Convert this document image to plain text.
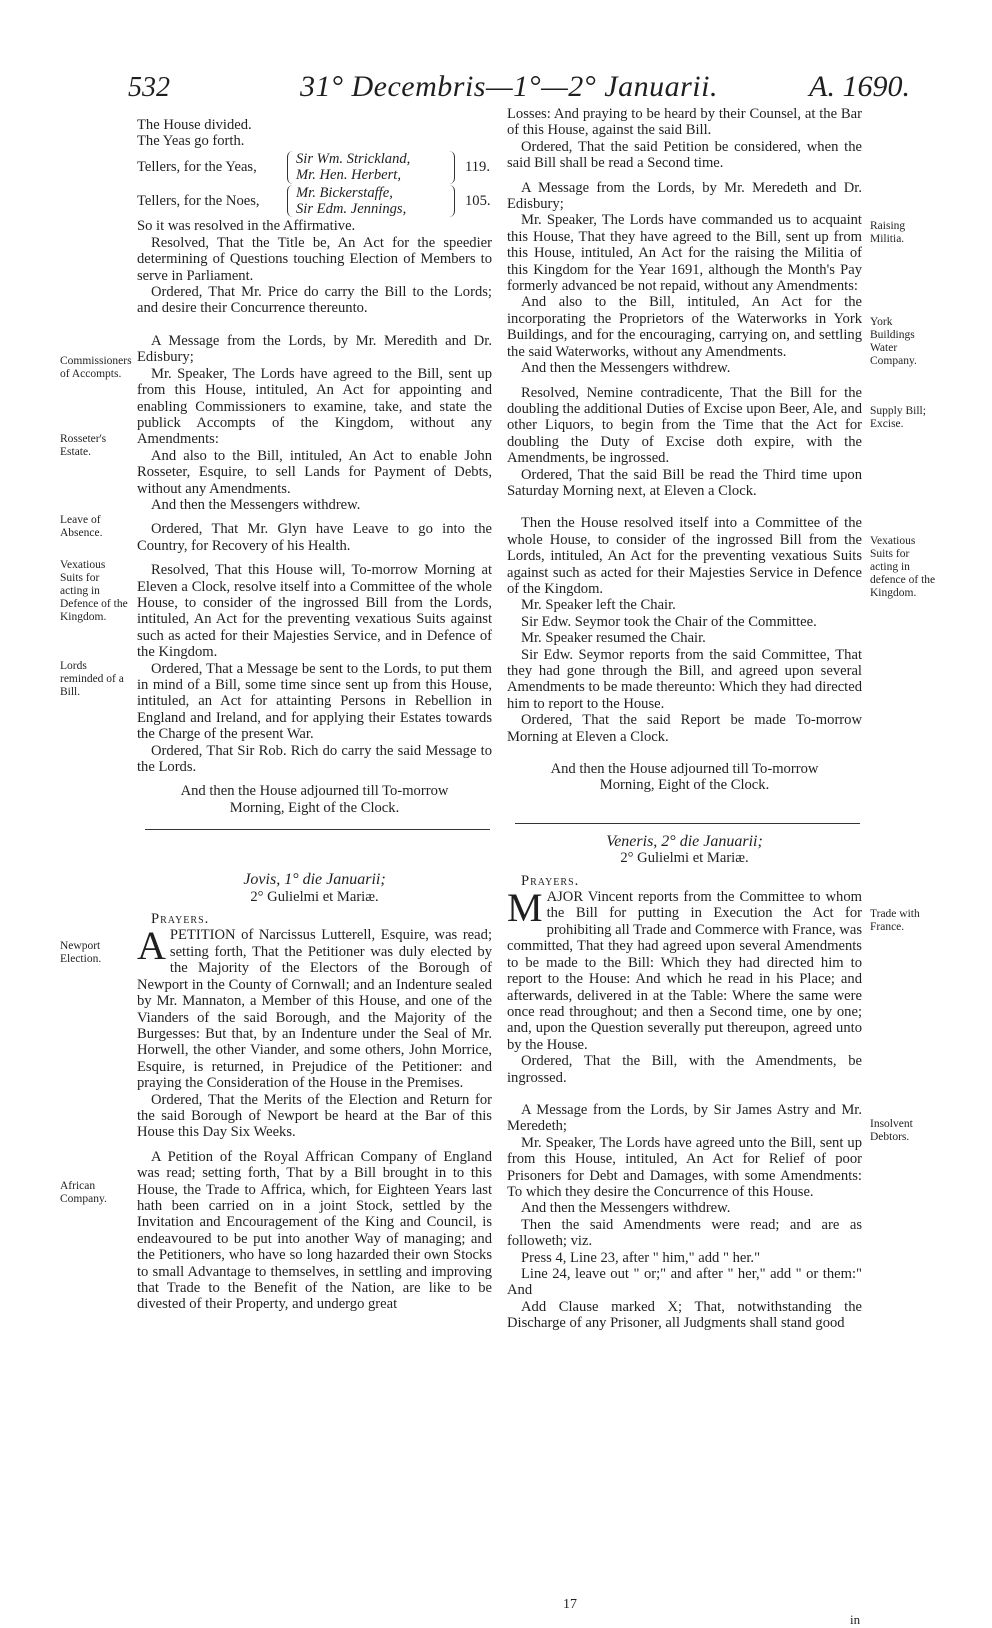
532	31° Decembris—1°—2° Januarii.	A. 1690.
Commissioners of Accompts.
Rosseter's Estate.
Leave of Absence.
Vexatious Suits for acting in Defence of the Kingdom.
Lords reminded of a Bill.
Newport Election.
African Company.
Raising Militia.
York Buildings Water Company.
Supply Bill; Excise.
Vexatious Suits for acting in defence of the Kingdom.
Trade with France.
Insolvent Debtors.

The House divided.

The Yeas go forth.

Tellers, for the Yeas,
Sir Wm. Strickland,
Mr. Hen. Herbert,
119.
Tellers, for the Noes,
Mr. Bickerstaffe,
Sir Edm. Jennings,
105.

So it was resolved in the Affirmative.

Resolved, That the Title be, An Act for the speedier determining of Questions touching Election of Members to serve in Parliament.

Ordered, That Mr. Price do carry the Bill to the Lords; and desire their Concurrence thereunto.

A Message from the Lords, by Mr. Meredith and Dr. Edisbury;

Mr. Speaker, The Lords have agreed to the Bill, sent up from this House, intituled, An Act for appointing and enabling Commissioners to examine, take, and state the publick Accompts of the Kingdom, without any Amendments:

And also to the Bill, intituled, An Act to enable John Rosseter, Esquire, to sell Lands for Payment of Debts, without any Amendments.

And then the Messengers withdrew.

Ordered, That Mr. Glyn have Leave to go into the Country, for Recovery of his Health.

Resolved, That this House will, To-morrow Morning at Eleven a Clock, resolve itself into a Committee of the whole House, to consider of the ingrossed Bill from the Lords, intituled, An Act for the preventing vexatious Suits against such as acted for their Majesties Service, and in Defence of the Kingdom.

Ordered, That a Message be sent to the Lords, to put them in mind of a Bill, some time since sent up from this House, intituled, an Act for attainting Persons in Rebellion in England and Ireland, and for applying their Estates towards the Charge of the present War.

Ordered, That Sir Rob. Rich do carry the said Message to the Lords.

And then the House adjourned till To-morrow Morning, Eight of the Clock.

Jovis, 1° die Januarii;
2° Gulielmi et Mariæ.

Prayers.

APETITION of Narcissus Lutterell, Esquire, was read; setting forth, That the Petitioner was duly elected by the Majority of the Electors of the Borough of Newport in the County of Cornwall; and an Indenture sealed by Mr. Mannaton, a Member of this House, and one of the Vianders of the said Borough, and the Majority of the Burgesses: But that, by an Indenture under the Seal of Mr. Horwell, the other Viander, and some others, John Morrice, Esquire, is returned, in Prejudice of the Petitioner: and praying the Consideration of the House in the Premises.

Ordered, That the Merits of the Election and Return for the said Borough of Newport be heard at the Bar of this House this Day Six Weeks.

A Petition of the Royal Affrican Company of England was read; setting forth, That by a Bill brought in to this House, the Trade to Affrica, which, for Eighteen Years last hath been carried on in a joint Stock, settled by the Invitation and Encouragement of the King and Council, is endeavoured to be put into another Way of managing; and the Petitioners, who have so long hazarded their own Stocks to small Advantage to themselves, in settling and improving that Trade to the Benefit of the Nation, are like to be divested of their Property, and undergo great

Losses: And praying to be heard by their Counsel, at the Bar of this House, against the said Bill.

Ordered, That the said Petition be considered, when the said Bill shall be read a Second time.

A Message from the Lords, by Mr. Meredeth and Dr. Edisbury;

Mr. Speaker, The Lords have commanded us to acquaint this House, That they have agreed to the Bill, sent up from this House, intituled, An Act for the raising the Militia of this Kingdom for the Year 1691, although the Month's Pay formerly advanced be not repaid, without any Amendments:

And also to the Bill, intituled, An Act for the incorporating the Proprietors of the Waterworks in York Buildings, and for the encouraging, carrying on, and settling the said Waterworks, without any Amendments.

And then the Messengers withdrew.

Resolved, Nemine contradicente, That the Bill for the doubling the additional Duties of Excise upon Beer, Ale, and other Liquors, to begin from the Time that the Act for doubling the Duty of Excise doth expire, with the Amendments, be ingrossed.

Ordered, That the said Bill be read the Third time upon Saturday Morning next, at Eleven a Clock.

Then the House resolved itself into a Committee of the whole House, to consider of the ingrossed Bill from the Lords, intituled, An Act for the preventing vexatious Suits against such as acted for their Majesties Service in Defence of the Kingdom.

Mr. Speaker left the Chair.

Sir Edw. Seymor took the Chair of the Committee.

Mr. Speaker resumed the Chair.

Sir Edw. Seymor reports from the said Committee, That they had gone through the Bill, and agreed upon several Amendments to be made thereunto: Which they had directed him to report to the House.

Ordered, That the said Report be made To-morrow Morning at Eleven a Clock.

And then the House adjourned till To-morrow Morning, Eight of the Clock.

Veneris, 2° die Januarii;
2° Gulielmi et Mariæ.

Prayers.

MAJOR Vincent reports from the Committee to whom the Bill for putting in Execution the Act for prohibiting all Trade and Commerce with France, was committed, That they had agreed upon several Amendments to be made to the Bill: Which they had directed him to report to the House: And which he read in his Place; and afterwards, delivered in at the Table: Where the same were once read throughout; and then a Second time, one by one; and, upon the Question severally put thereupon, agreed unto by the House.

Ordered, That the Bill, with the Amendments, be ingrossed.

A Message from the Lords, by Sir James Astry and Mr. Meredeth;

Mr. Speaker, The Lords have agreed unto the Bill, sent up from this House, intituled, An Act for Relief of poor Prisoners for Debt and Damages, with some Amendments: To which they desire the Concurrence of this House.

And then the Messengers withdrew.

Then the said Amendments were read; and are as followeth; viz.

Press 4, Line 23, after " him," add " her."

Line 24, leave out " or;" and after " her," add " or them:" And

Add Clause marked X; That, notwithstanding the Discharge of any Prisoner, all Judgments shall stand good

17
in
